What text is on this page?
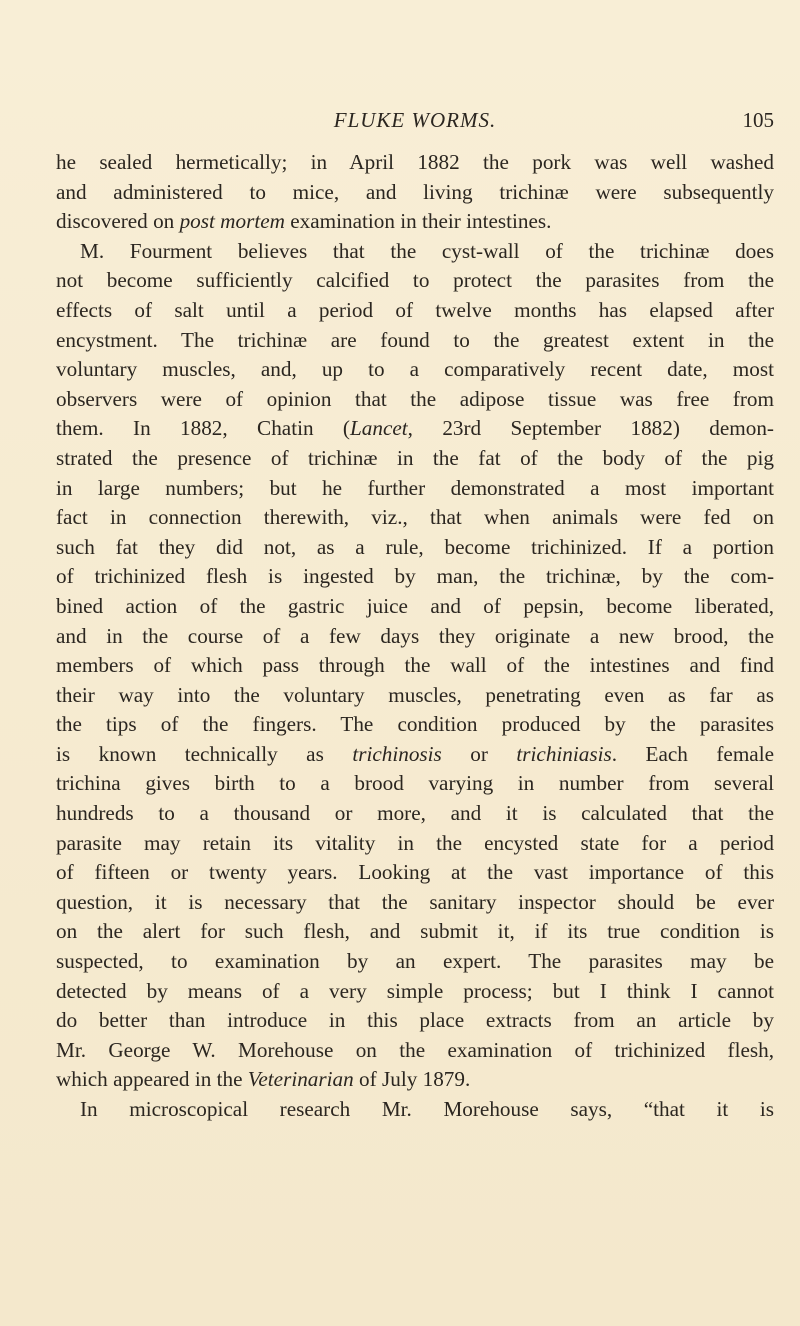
FLUKE WORMS.	105
he sealed hermetically; in April 1882 the pork was well washed
and administered to mice, and living trichinæ were subsequently
discovered on post mortem examination in their intestines.
M. Fourment believes that the cyst-wall of the trichinæ does
not become sufficiently calcified to protect the parasites from the
effects of salt until a period of twelve months has elapsed after
encystment. The trichinæ are found to the greatest extent in the
voluntary muscles, and, up to a comparatively recent date, most
observers were of opinion that the adipose tissue was free from
them. In 1882, Chatin (Lancet, 23rd September 1882) demon-
strated the presence of trichinæ in the fat of the body of the pig
in large numbers; but he further demonstrated a most important
fact in connection therewith, viz., that when animals were fed on
such fat they did not, as a rule, become trichinized. If a portion
of trichinized flesh is ingested by man, the trichinæ, by the com-
bined action of the gastric juice and of pepsin, become liberated,
and in the course of a few days they originate a new brood, the
members of which pass through the wall of the intestines and find
their way into the voluntary muscles, penetrating even as far as
the tips of the fingers. The condition produced by the parasites
is known technically as trichinosis or trichiniasis. Each female
trichina gives birth to a brood varying in number from several
hundreds to a thousand or more, and it is calculated that the
parasite may retain its vitality in the encysted state for a period
of fifteen or twenty years. Looking at the vast importance of this
question, it is necessary that the sanitary inspector should be ever
on the alert for such flesh, and submit it, if its true condition is
suspected, to examination by an expert. The parasites may be
detected by means of a very simple process; but I think I cannot
do better than introduce in this place extracts from an article by
Mr. George W. Morehouse on the examination of trichinized flesh,
which appeared in the Veterinarian of July 1879.
In microscopical research Mr. Morehouse says, “that it is
